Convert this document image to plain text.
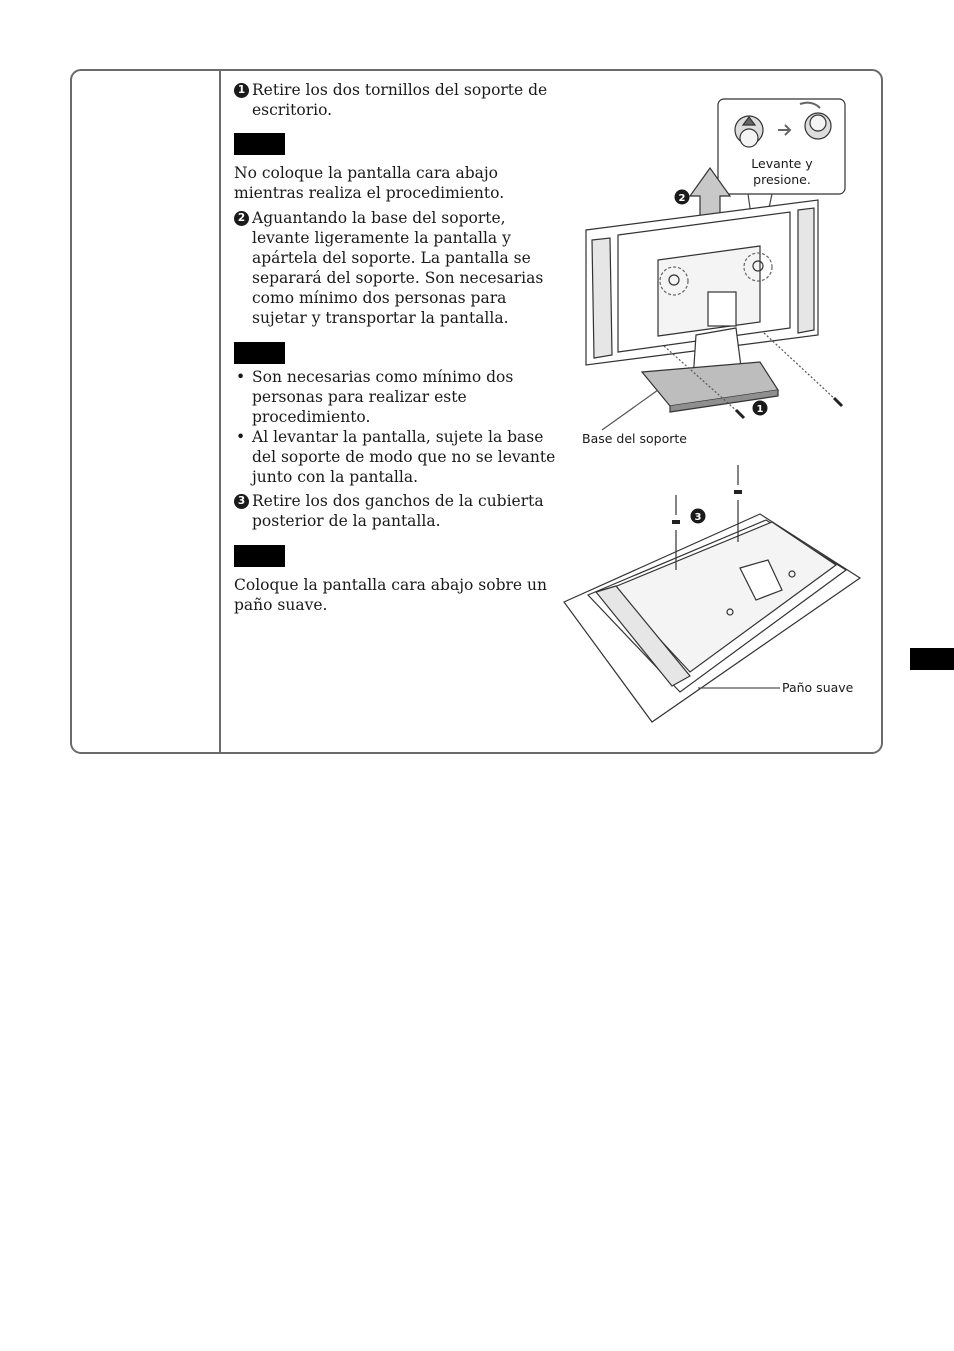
1 Retire los dos tornillos del soporte de escritorio.

Nota

No coloque la pantalla cara abajo mientras realiza el procedimiento.

2 Aguantando la base del soporte, levante ligeramente la pantalla y apártela del soporte. La pantalla se separará del soporte. Son necesarias como mínimo dos personas para sujetar y transportar la pantalla.

Notas
• Son necesarias como mínimo dos personas para realizar este procedimiento.
• Al levantar la pantalla, sujete la base del soporte de modo que no se levante junto con la pantalla.

3 Retire los dos ganchos de la cubierta posterior de la pantalla.

Nota

Coloque la pantalla cara abajo sobre un paño suave.

2
1
3
Levante y
presione.
Base del soporte
Paño suave
